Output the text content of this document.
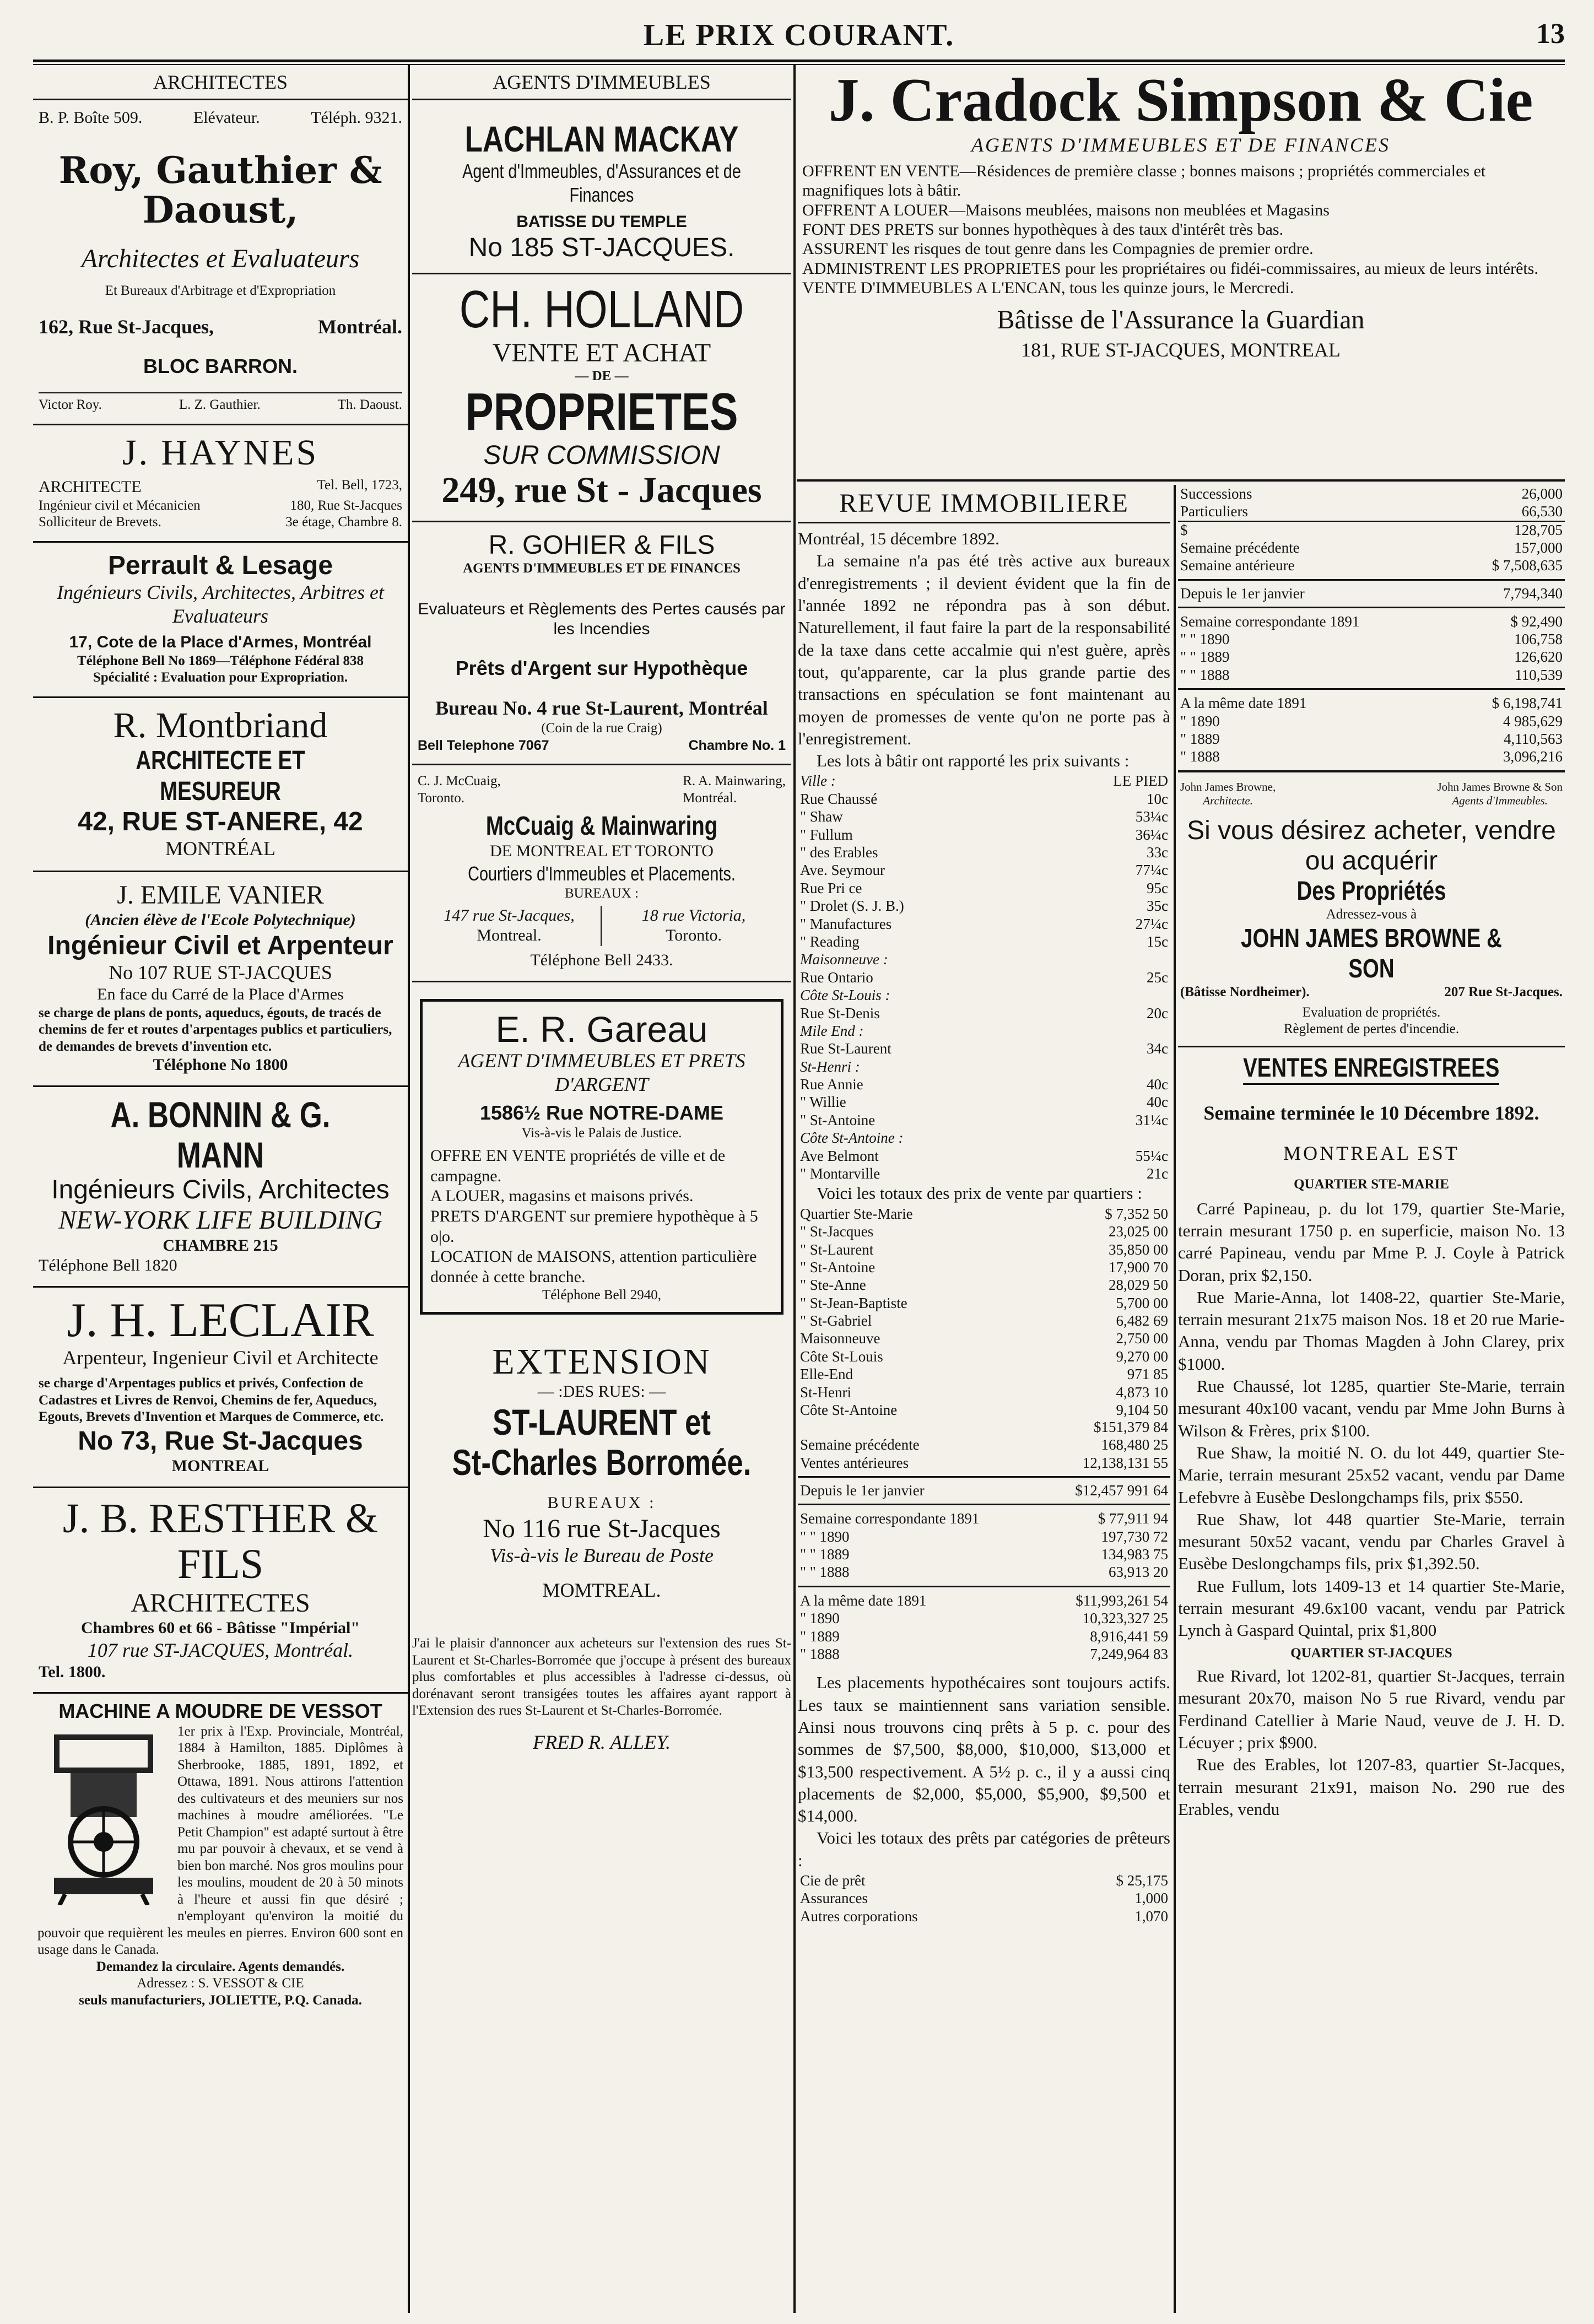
LE PRIX COURANT.	13
ARCHITECTES
B. P. Boîte 509.	Elévateur.	Téléph. 9321.
Roy, Gauthier & Daoust,
Architectes et Evaluateurs
Et Bureaux d'Arbitrage et d'Expropriation
162, Rue St-Jacques,	Montréal.
BLOC BARRON.
Victor Roy.	L. Z. Gauthier.	Th. Daoust.
J. HAYNES
ARCHITECTE	Tel. Bell, 1723,
Ingénieur civil et Mécanicien	180, Rue St-Jacques
Solliciteur de Brevets.	3e étage, Chambre 8.
Perrault & Lesage
Ingénieurs Civils, Architectes, Arbitres et Evaluateurs
17, Cote de la Place d'Armes, Montréal
Téléphone Bell No 1869—Téléphone Fédéral 838
Spécialité : Evaluation pour Expropriation.
R. Montbriand
ARCHITECTE ET MESUREUR
42, RUE ST-ANERE, 42
MONTRÉAL
J. EMILE VANIER
(Ancien élève de l'Ecole Polytechnique)
Ingénieur Civil et Arpenteur
No 107 RUE ST-JACQUES
En face du Carré de la Place d'Armes
se charge de plans de ponts, aqueducs, égouts, de tracés de chemins de fer et routes d'arpentages publics et particuliers, de demandes de brevets d'invention etc.
Téléphone No 1800
A. BONNIN & G. MANN
Ingénieurs Civils, Architectes
NEW-YORK LIFE BUILDING
CHAMBRE 215
Téléphone Bell 1820
J. H. LECLAIR
Arpenteur, Ingenieur Civil et Architecte
se charge d'Arpentages publics et privés, Confection de Cadastres et Livres de Renvoi, Chemins de fer, Aqueducs, Egouts, Brevets d'Invention et Marques de Commerce, etc.
No 73, Rue St-Jacques
MONTREAL
J. B. RESTHER & FILS
ARCHITECTES
Chambres 60 et 66 - Bâtisse "Impérial"
107 rue ST-JACQUES, Montréal.
Tel. 1800.
MACHINE A MOUDRE DE VESSOT
1er prix à l'Exp. Provinciale, Montréal, 1884 à Hamilton, 1885. Diplômes à Sherbrooke, 1885, 1891, 1892, et Ottawa, 1891. Nous attirons l'attention des cultivateurs et des meuniers sur nos machines à moudre améliorées. "Le Petit Champion" est adapté surtout à être mu par pouvoir à chevaux, et se vend à bien bon marché. Nos gros moulins pour les moulins, moudent de 20 à 50 minots à l'heure et aussi fin que désiré ; n'employant qu'environ la moitié du pouvoir que requièrent les meules en pierres. Environ 600 sont en usage dans le Canada.
Demandez la circulaire. Agents demandés.
Adressez : S. VESSOT & CIE
seuls manufacturiers, JOLIETTE, P.Q. Canada.
AGENTS D'IMMEUBLES
LACHLAN MACKAY
Agent d'Immeubles, d'Assurances et de Finances
BATISSE DU TEMPLE
No 185 ST-JACQUES.
CH. HOLLAND
VENTE ET ACHAT
— DE —
PROPRIETES
SUR COMMISSION
249, rue St - Jacques
R. GOHIER & FILS
AGENTS D'IMMEUBLES ET DE FINANCES
Evaluateurs et Règlements des Pertes causés par les Incendies
Prêts d'Argent sur Hypothèque
Bureau No. 4 rue St-Laurent, Montréal
(Coin de la rue Craig)
Bell Telephone 7067	Chambre No. 1
C. J. McCuaig,
Toronto.
R. A. Mainwaring,
Montréal.
McCuaig & Mainwaring
DE MONTREAL ET TORONTO
Courtiers d'Immeubles et Placements.
BUREAUX :
147 rue St-Jacques,
Montreal.
18 rue Victoria,
Toronto.
Téléphone Bell 2433.
E. R. Gareau
AGENT D'IMMEUBLES ET PRETS D'ARGENT
1586½ Rue NOTRE-DAME
Vis-à-vis le Palais de Justice.
OFFRE EN VENTE propriétés de ville et de campagne.
A LOUER, magasins et maisons privés.
PRETS D'ARGENT sur premiere hypothèque à 5 o|o.
LOCATION de MAISONS, attention particulière donnée à cette branche.
Téléphone Bell 2940,
EXTENSION
— :DES RUES: —
ST-LAURENT et
St-Charles Borromée.
BUREAUX :
No 116 rue St-Jacques
Vis-à-vis le Bureau de Poste
MOMTREAL.
J'ai le plaisir d'annoncer aux acheteurs sur l'extension des rues St-Laurent et St-Charles-Borromée que j'occupe à présent des bureaux plus comfortables et plus accessibles à l'adresse ci-dessus, où dorénavant seront transigées toutes les affaires ayant rapport à l'Extension des rues St-Laurent et St-Charles-Borromée.
FRED R. ALLEY.
J. Cradock Simpson & Cie
AGENTS D'IMMEUBLES ET DE FINANCES
OFFRENT EN VENTE—Résidences de première classe ; bonnes maisons ; propriétés commerciales et magnifiques lots à bâtir.
OFFRENT A LOUER—Maisons meublées, maisons non meublées et Magasins
FONT DES PRETS sur bonnes hypothèques à des taux d'intérêt très bas.
ASSURENT les risques de tout genre dans les Compagnies de premier ordre.
ADMINISTRENT LES PROPRIETES pour les propriétaires ou fidéi-commissaires, au mieux de leurs intérêts.
VENTE D'IMMEUBLES A L'ENCAN, tous les quinze jours, le Mercredi.
Bâtisse de l'Assurance la Guardian
181, RUE ST-JACQUES, MONTREAL
REVUE IMMOBILIERE

Montréal, 15 décembre 1892.

La semaine n'a pas été très active aux bureaux d'enregistrements ; il devient évident que la fin de l'année 1892 ne répondra pas à son début. Naturellement, il faut faire la part de la responsabilité de la taxe dans cette accalmie qui n'est guère, après tout, qu'apparente, car la plus grande partie des transactions en spéculation se font maintenant au moyen de promesses de vente qu'on ne porte pas à l'enregistrement.

Les lots à bâtir ont rapporté les prix suivants :

Ville :	LE PIED
Rue Chaussé	10c
" Shaw	53¼c
" Fullum	36¼c
" des Erables	33c
Ave. Seymour	77¼c
Rue Pri ce	95c
" Drolet (S. J. B.)	35c
" Manufactures	27¼c
" Reading	15c
Maisonneuve :	
Rue Ontario	25c
Côte St-Louis :	
Rue St-Denis	20c
Mile End :	
Rue St-Laurent	34c
St-Henri :	
Rue Annie	40c
" Willie	40c
" St-Antoine	31¼c
Côte St-Antoine :	
Ave Belmont	55¼c
" Montarville	21c

Voici les totaux des prix de vente par quartiers :

Quartier Ste-Marie	$ 7,352 50
" St-Jacques	23,025 00
" St-Laurent	35,850 00
" St-Antoine	17,900 70
" Ste-Anne	28,029 50
" St-Jean-Baptiste	5,700 00
" St-Gabriel	6,482 69
Maisonneuve	2,750 00
Côte St-Louis	9,270 00
Elle-End	971 85
St-Henri	4,873 10
Côte St-Antoine	9,104 50
$151,379 84
Semaine précédente	168,480 25
Ventes antérieures	12,138,131 55
Depuis le 1er janvier	$12,457 991 64
Semaine correspondante 1891	$ 77,911 94
" " 1890	197,730 72
" " 1889	134,983 75
" " 1888	63,913 20
A la même date 1891	$11,993,261 54
" 1890	10,323,327 25
" 1889	8,916,441 59
" 1888	7,249,964 83

Les placements hypothécaires sont toujours actifs. Les taux se maintiennent sans variation sensible. Ainsi nous trouvons cinq prêts à 5 p. c. pour des sommes de $7,500, $8,000, $10,000, $13,000 et $13,500 respectivement. A 5½ p. c., il y a aussi cinq placements de $2,000, $5,000, $5,900, $9,500 et $14,000.

Voici les totaux des prêts par catégories de prêteurs :

Cie de prêt	$ 25,175
Assurances	1,000
Autres corporations	1,070
Successions	26,000
Particuliers	66,530
$	128,705
Semaine précédente	157,000
Semaine antérieure	$ 7,508,635
Depuis le 1er janvier	7,794,340
Semaine correspondante 1891	$ 92,490
" " 1890	106,758
" " 1889	126,620
" " 1888	110,539
A la même date 1891	$ 6,198,741
" 1890	4 985,629
" 1889	4,110,563
" 1888	3,096,216
John James Browne,
Architecte.
John James Browne & Son
Agents d'Immeubles.
Si vous désirez acheter, vendre
ou acquérir
Des Propriétés
Adressez-vous à
JOHN JAMES BROWNE & SON
(Bâtisse Nordheimer).	207 Rue St-Jacques.
Evaluation de propriétés.
Règlement de pertes d'incendie.
VENTES ENREGISTREES
Semaine terminée le 10 Décembre 1892.
MONTREAL EST
QUARTIER STE-MARIE

Carré Papineau, p. du lot 179, quartier Ste-Marie, terrain mesurant 1750 p. en superficie, maison No. 13 carré Papineau, vendu par Mme P. J. Coyle à Patrick Doran, prix $2,150.

Rue Marie-Anna, lot 1408-22, quartier Ste-Marie, terrain mesurant 21x75 maison Nos. 18 et 20 rue Marie-Anna, vendu par Thomas Magden à John Clarey, prix $1000.

Rue Chaussé, lot 1285, quartier Ste-Marie, terrain mesurant 40x100 vacant, vendu par Mme John Burns à Wilson & Frères, prix $100.

Rue Shaw, la moitié N. O. du lot 449, quartier Ste-Marie, terrain mesurant 25x52 vacant, vendu par Dame Lefebvre à Eusèbe Deslongchamps fils, prix $550.

Rue Shaw, lot 448 quartier Ste-Marie, terrain mesurant 50x52 vacant, vendu par Charles Gravel à Eusèbe Deslongchamps fils, prix $1,392.50.

Rue Fullum, lots 1409-13 et 14 quartier Ste-Marie, terrain mesurant 49.6x100 vacant, vendu par Patrick Lynch à Gaspard Quintal, prix $1,800

QUARTIER ST-JACQUES

Rue Rivard, lot 1202-81, quartier St-Jacques, terrain mesurant 20x70, maison No 5 rue Rivard, vendu par Ferdinand Catellier à Marie Naud, veuve de J. H. D. Lécuyer ; prix $900.

Rue des Erables, lot 1207-83, quartier St-Jacques, terrain mesurant 21x91, maison No. 290 rue des Erables, vendu
